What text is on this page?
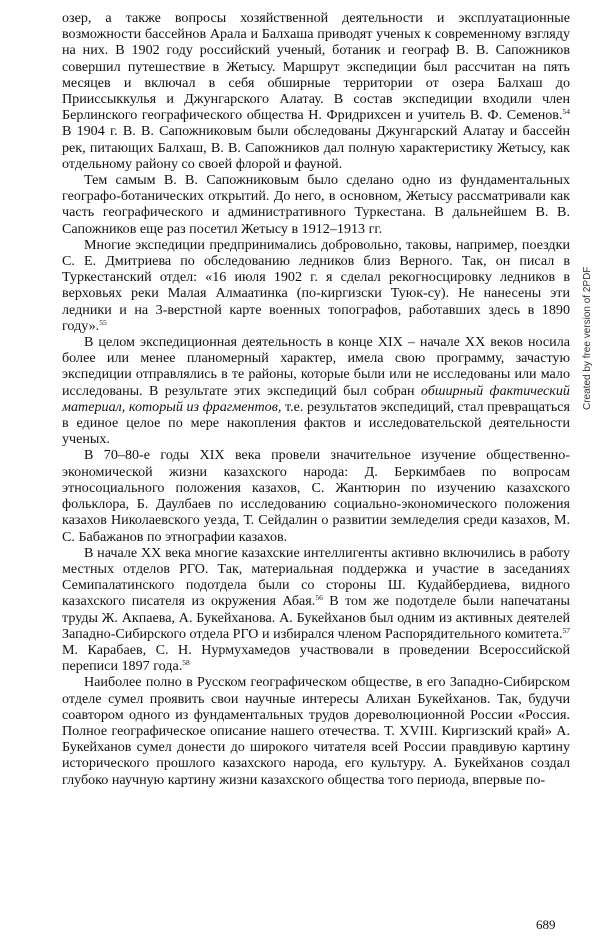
озер, а также вопросы хозяйственной деятельности и эксплуатационные возможности бассейнов Арала и Балхаша приводят ученых к современному взгляду на них. В 1902 году российский ученый, ботаник и географ В. В. Сапожников совершил путешествие в Жетысу. Маршрут экспедиции был рассчитан на пять месяцев и включал в себя обширные территории от озера Балхаш до Прииссыккулья и Джунгарского Алатау. В состав экспедиции входили член Берлинского географического общества Н. Фридрихсен и учитель В. Ф. Семенов.$^{54}$ В 1904 г. В. В. Сапожниковым были обследованы Джунгарский Алатау и бассейн рек, питающих Балхаш, В. В. Сапожников дал полную характеристику Жетысу, как отдельному району со своей флорой и фауной.

Тем самым В. В. Сапожниковым было сделано одно из фундаментальных географо-ботанических открытий. До него, в основном, Жетысу рассматривали как часть географического и административного Туркестана. В дальнейшем В. В. Сапожников еще раз посетил Жетысу в 1912–1913 гг.

Многие экспедиции предпринимались добровольно, таковы, например, поездки С. Е. Дмитриева по обследованию ледников близ Верного. Так, он писал в Туркестанский отдел: «16 июля 1902 г. я сделал рекогносцировку ледников в верховьях реки Малая Алмаатинка (по-киргизски Туюк-су). Не нанесены эти ледники и на 3-верстной карте военных топографов, работавших здесь в 1890 году».$^{55}$

В целом экспедиционная деятельность в конце XIX – начале XX веков носила более или менее планомерный характер, имела свою программу, зачастую экспедиции отправлялись в те районы, которые были или не исследованы или мало исследованы. В результате этих экспедиций был собран обширный фактический материал, который из фрагментов, т.е. результатов экспедиций, стал превращаться в единое целое по мере накопления фактов и исследовательской деятельности ученых.

В 70–80-е годы XIX века провели значительное изучение общественно-экономической жизни казахского народа: Д. Беркимбаев по вопросам этносоциального положения казахов, С. Жантюрин по изучению казахского фольклора, Б. Даулбаев по исследованию социально-экономического положения казахов Николаевского уезда, Т. Сейдалин о развитии земледелия среди казахов, М. С. Бабажанов по этнографии казахов.

В начале XX века многие казахские интеллигенты активно включились в работу местных отделов РГО. Так, материальная поддержка и участие в заседаниях Семипалатинского подотдела были со стороны Ш. Кудайбердиева, видного казахского писателя из окружения Абая.$^{56}$ В том же подотделе были напечатаны труды Ж. Акпаева, А. Букейханова. А. Букейханов был одним из активных деятелей Западно-Сибирского отдела РГО и избирался членом Распорядительного комитета.$^{57}$ М. Карабаев, С. Н. Нурмухамедов участвовали в проведении Всероссийской переписи 1897 года.$^{58}$

Наиболее полно в Русском географическом обществе, в его Западно-Сибирском отделе сумел проявить свои научные интересы Алихан Букейханов. Так, будучи соавтором одного из фундаментальных трудов дореволюционной России «Россия. Полное географическое описание нашего отечества. Т. XVIII. Киргизский край» А. Букейханов сумел донести до широкого читателя всей России правдивую картину исторического прошлого казахского народа, его культуру. А. Букейханов создал глубоко научную картину жизни казахского общества того периода, впервые по-

Created by free version of 2PDF
689
